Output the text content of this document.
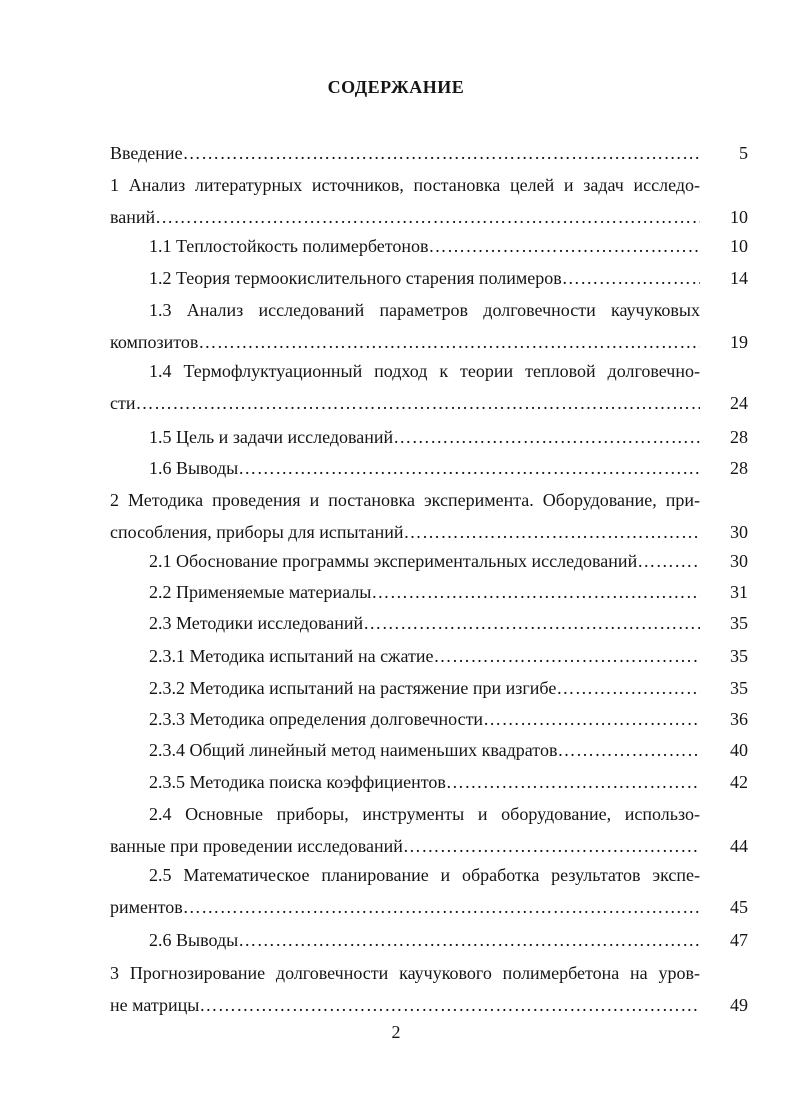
СОДЕРЖАНИЕ
Введение …………………………………………………………………………………………………………………………	5
1 Анализ литературных источников, постановка целей и задач исследо-
ваний …………………………………………………………………………………………………………………………	10
1.1 Теплостойкость полимербетонов …………………………………………………………………………………………………………………………	10
1.2 Теория термоокислительного старения полимеров …………………………………………………………………………………………………………………………	14
1.3 Анализ исследований параметров долговечности каучуковых
композитов …………………………………………………………………………………………………………………………	19
1.4 Термофлуктуационный подход к теории тепловой долговечно-
сти …………………………………………………………………………………………………………………………	24
1.5 Цель и задачи исследований …………………………………………………………………………………………………………………………	28
1.6 Выводы …………………………………………………………………………………………………………………………	28
2 Методика проведения и постановка эксперимента. Оборудование, при-
способления, приборы для испытаний …………………………………………………………………………………………………………………………	30
2.1 Обоснование программы экспериментальных исследований …………………………………………………………………………………………………………………………	30
2.2 Применяемые материалы …………………………………………………………………………………………………………………………	31
2.3 Методики исследований …………………………………………………………………………………………………………………………	35
2.3.1 Методика испытаний на сжатие …………………………………………………………………………………………………………………………	35
2.3.2 Методика испытаний на растяжение при изгибе …………………………………………………………………………………………………………………………	35
2.3.3 Методика определения долговечности …………………………………………………………………………………………………………………………	36
2.3.4 Общий линейный метод наименьших квадратов …………………………………………………………………………………………………………………………	40
2.3.5 Методика поиска коэффициентов …………………………………………………………………………………………………………………………	42
2.4 Основные приборы, инструменты и оборудование, использо-
ванные при проведении исследований …………………………………………………………………………………………………………………………	44
2.5 Математическое планирование и обработка результатов экспе-
риментов …………………………………………………………………………………………………………………………	45
2.6 Выводы …………………………………………………………………………………………………………………………	47
3 Прогнозирование долговечности каучукового полимербетона на уров-
не матрицы …………………………………………………………………………………………………………………………	49
2
